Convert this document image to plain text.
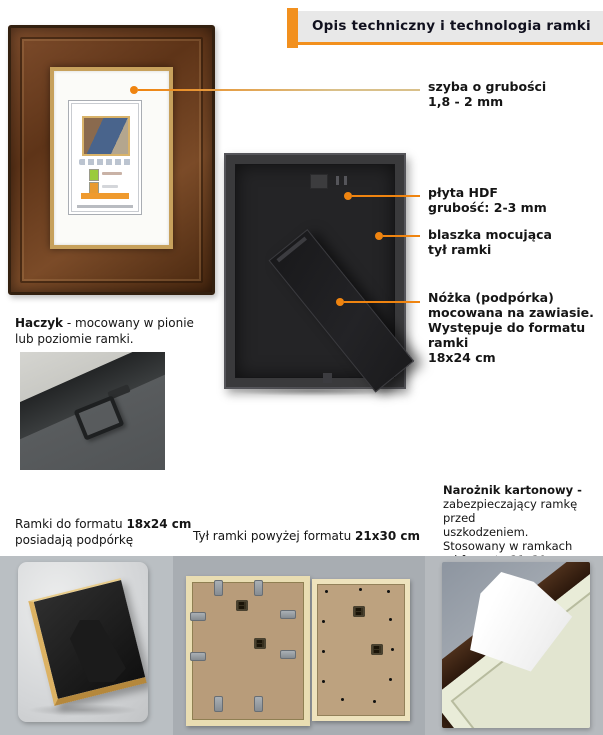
Opis techniczny i technologia ramki
szyba o grubości
1,8 - 2 mm
płyta HDF
grubość: 2-3 mm
blaszka mocująca
tył ramki
Nóżka (podpórka)
mocowana na zawiasie.
Występuje do formatu ramki
18x24 cm
Haczyk - mocowany w pionie
lub poziomie ramki.
Ramki do formatu 18x24 cm
posiadają podpórkę	Tył ramki powyżej formatu 21x30 cm
Narożnik kartonowy -
zabezpieczający ramkę przed
uszkodzeniem.
Stosowany w ramkach
